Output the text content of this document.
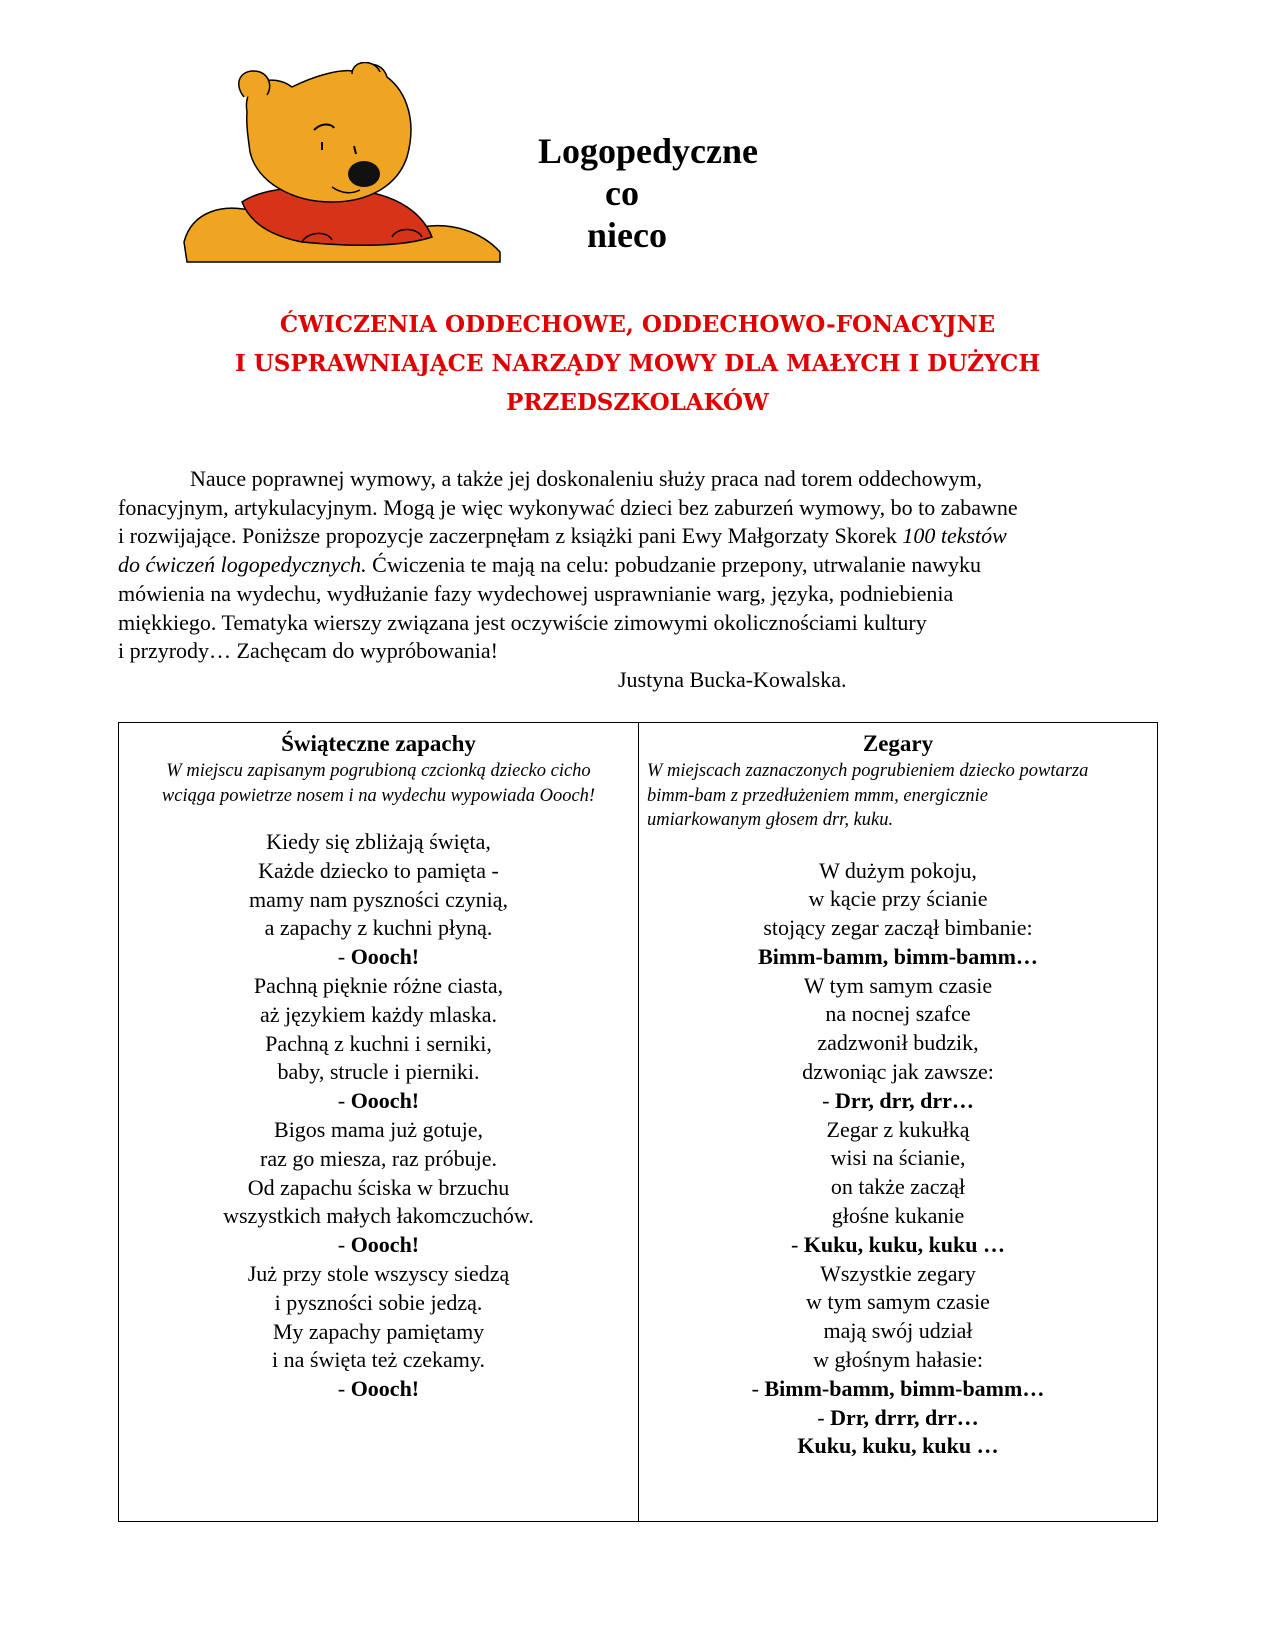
Logopedyczne
co
nieco
ĆWICZENIA ODDECHOWE, ODDECHOWO-FONACYJNE
I USPRAWNIAJĄCE NARZĄDY MOWY DLA MAŁYCH I DUŻYCH
PRZEDSZKOLAKÓW
Nauce poprawnej wymowy, a także jej doskonaleniu służy praca nad torem oddechowym,
fonacyjnym, artykulacyjnym. Mogą je więc wykonywać dzieci bez zaburzeń wymowy, bo to zabawne
i rozwijające. Poniższe propozycje zaczerpnęłam z książki pani Ewy Małgorzaty Skorek 100 tekstów
do ćwiczeń logopedycznych. Ćwiczenia te mają na celu: pobudzanie przepony, utrwalanie nawyku
mówienia na wydechu, wydłużanie fazy wydechowej usprawnianie warg, języka, podniebienia
miękkiego. Tematyka wierszy związana jest oczywiście zimowymi okolicznościami kultury
i przyrody… Zachęcam do wypróbowania!
Justyna Bucka-Kowalska.
Świąteczne zapachy
W miejscu zapisanym pogrubioną czcionką dziecko cicho
wciąga powietrze nosem i na wydechu wypowiada Oooch!
Kiedy się zbliżają święta,
Każde dziecko to pamięta -
mamy nam pyszności czynią,
a zapachy z kuchni płyną.
- Oooch!
Pachną pięknie różne ciasta,
aż językiem każdy mlaska.
Pachną z kuchni i serniki,
baby, strucle i pierniki.
- Oooch!
Bigos mama już gotuje,
raz go miesza, raz próbuje.
Od zapachu ściska w brzuchu
wszystkich małych łakomczuchów.
- Oooch!
Już przy stole wszyscy siedzą
i pyszności sobie jedzą.
My zapachy pamiętamy
i na święta też czekamy.
- Oooch!
Zegary
W miejscach zaznaczonych pogrubieniem dziecko powtarza
bimm-bam z przedłużeniem mmm, energicznie
umiarkowanym głosem drr, kuku.
W dużym pokoju,
w kącie przy ścianie
stojący zegar zaczął bimbanie:
Bimm-bamm, bimm-bamm…
W tym samym czasie
na nocnej szafce
zadzwonił budzik,
dzwoniąc jak zawsze:
- Drr, drr, drr…
Zegar z kukułką
wisi na ścianie,
on także zaczął
głośne kukanie
- Kuku, kuku, kuku …
Wszystkie zegary
w tym samym czasie
mają swój udział
w głośnym hałasie:
- Bimm-bamm, bimm-bamm…
- Drr, drrr, drr…
Kuku, kuku, kuku …
